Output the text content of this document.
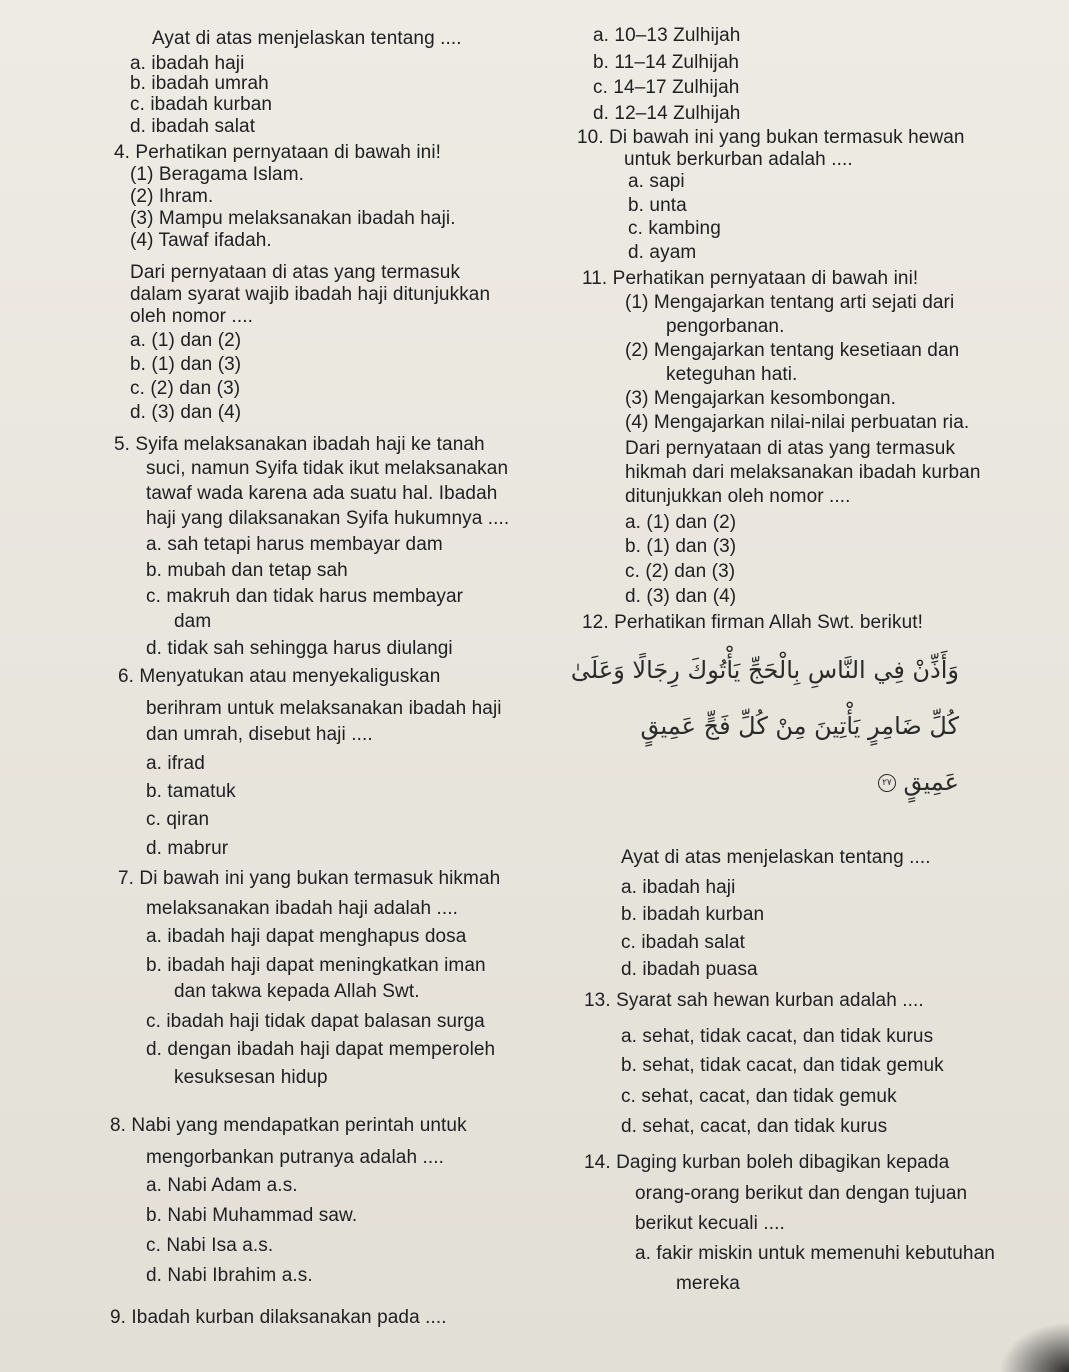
Ayat di atas menjelaskan tentang ....
a. ibadah haji
b. ibadah umrah
c. ibadah kurban
d. ibadah salat
4. Perhatikan pernyataan di bawah ini!
(1) Beragama Islam.
(2) Ihram.
(3) Mampu melaksanakan ibadah haji.
(4) Tawaf ifadah.
Dari pernyataan di atas yang termasuk
dalam syarat wajib ibadah haji ditunjukkan
oleh nomor ....
a. (1) dan (2)
b. (1) dan (3)
c. (2) dan (3)
d. (3) dan (4)
5. Syifa melaksanakan ibadah haji ke tanah
suci, namun Syifa tidak ikut melaksanakan
tawaf wada karena ada suatu hal. Ibadah
haji yang dilaksanakan Syifa hukumnya ....
a. sah tetapi harus membayar dam
b. mubah dan tetap sah
c. makruh dan tidak harus membayar
dam
d. tidak sah sehingga harus diulangi
6. Menyatukan atau menyekaliguskan
berihram untuk melaksanakan ibadah haji
dan umrah, disebut haji ....
a. ifrad
b. tamatuk
c. qiran
d. mabrur
7. Di bawah ini yang bukan termasuk hikmah
melaksanakan ibadah haji adalah ....
a. ibadah haji dapat menghapus dosa
b. ibadah haji dapat meningkatkan iman
dan takwa kepada Allah Swt.
c. ibadah haji tidak dapat balasan surga
d. dengan ibadah haji dapat memperoleh
kesuksesan hidup
8. Nabi yang mendapatkan perintah untuk
mengorbankan putranya adalah ....
a. Nabi Adam a.s.
b. Nabi Muhammad saw.
c. Nabi Isa a.s.
d. Nabi Ibrahim a.s.
9. Ibadah kurban dilaksanakan pada ....
a. 10–13 Zulhijah
b. 11–14 Zulhijah
c. 14–17 Zulhijah
d. 12–14 Zulhijah
10. Di bawah ini yang bukan termasuk hewan
untuk berkurban adalah ....
a. sapi
b. unta
c. kambing
d. ayam
11. Perhatikan pernyataan di bawah ini!
(1) Mengajarkan tentang arti sejati dari
pengorbanan.
(2) Mengajarkan tentang kesetiaan dan
keteguhan hati.
(3) Mengajarkan kesombongan.
(4) Mengajarkan nilai-nilai perbuatan ria.
Dari pernyataan di atas yang termasuk
hikmah dari melaksanakan ibadah kurban
ditunjukkan oleh nomor ....
a. (1) dan (2)
b. (1) dan (3)
c. (2) dan (3)
d. (3) dan (4)
12. Perhatikan firman Allah Swt. berikut!
Ayat di atas menjelaskan tentang ....
a. ibadah haji
b. ibadah kurban
c. ibadah salat
d. ibadah puasa
13. Syarat sah hewan kurban adalah ....
a. sehat, tidak cacat, dan tidak kurus
b. sehat, tidak cacat, dan tidak gemuk
c. sehat, cacat, dan tidak gemuk
d. sehat, cacat, dan tidak kurus
14. Daging kurban boleh dibagikan kepada
orang-orang berikut dan dengan tujuan
berikut kecuali ....
a. fakir miskin untuk memenuhi kebutuhan
mereka
وَأَذِّنْ فِي النَّاسِ بِالْحَجِّ يَأْتُوكَ رِجَالًا وَعَلَىٰ
كُلِّ ضَامِرٍ يَأْتِينَ مِنْ كُلِّ فَجٍّ عَمِيقٍ
عَمِيقٍ ٢٧
